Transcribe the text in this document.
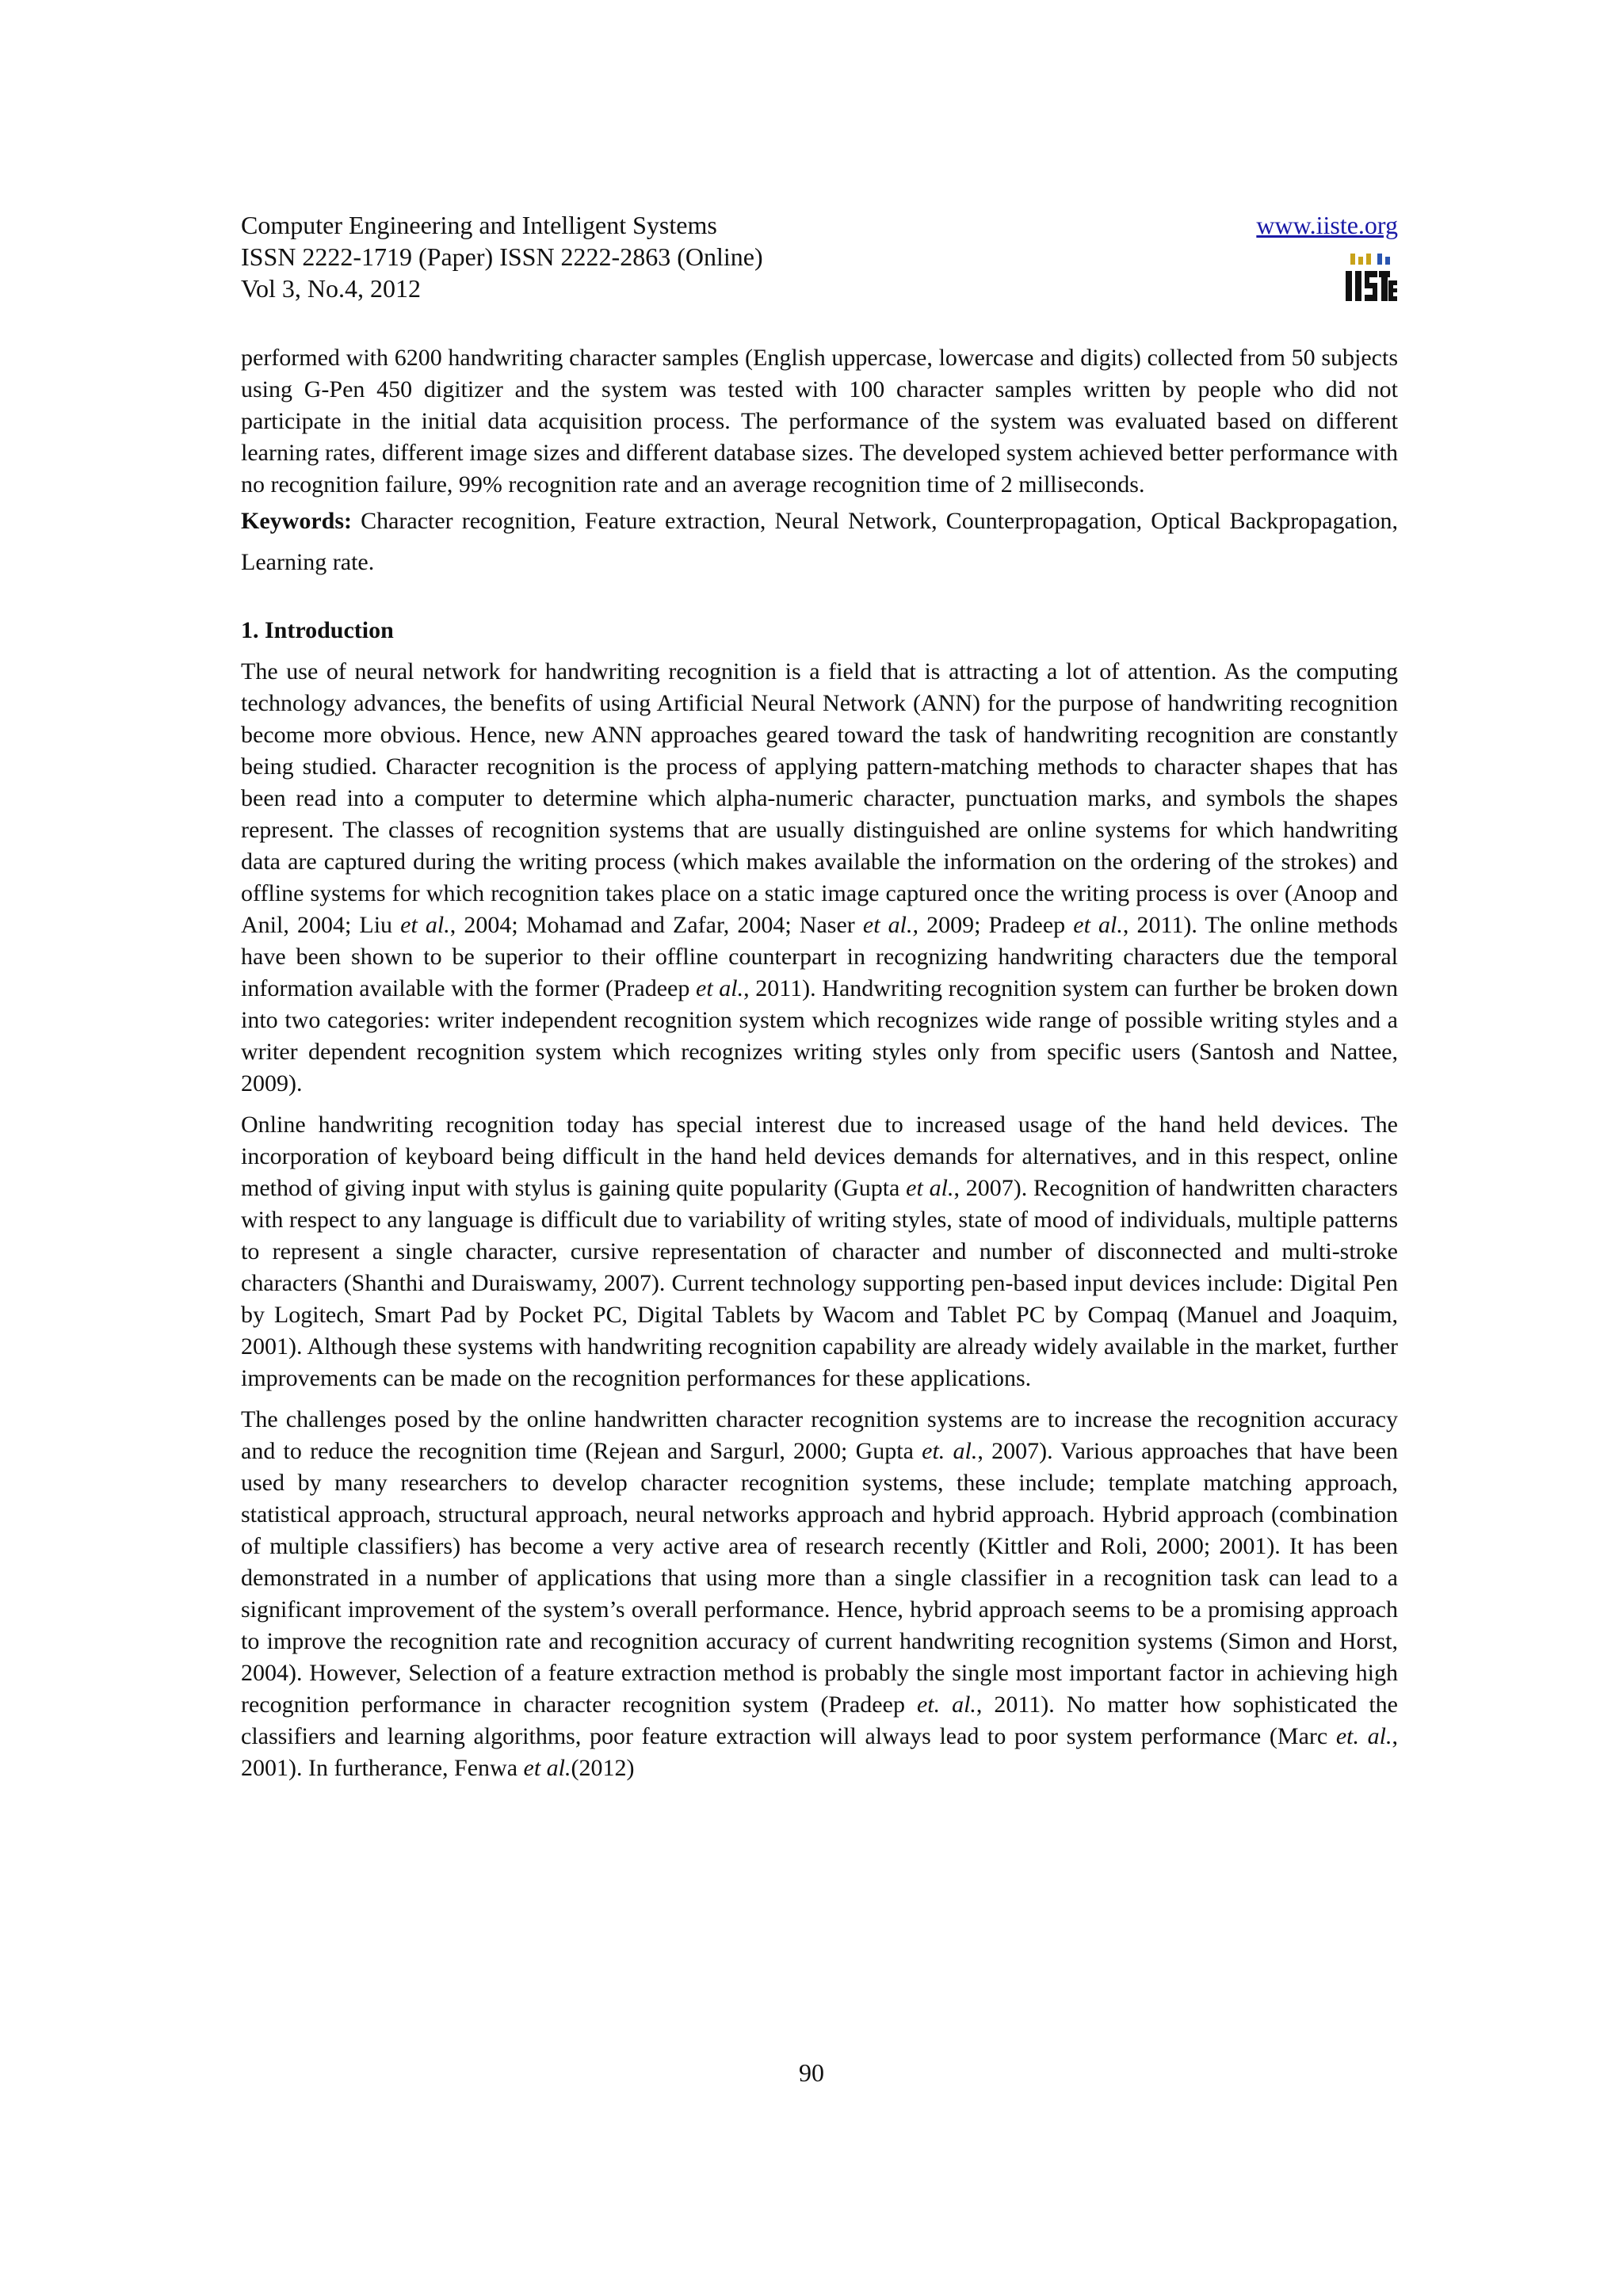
Computer Engineering and Intelligent Systems
ISSN 2222-1719 (Paper) ISSN 2222-2863 (Online)
Vol 3, No.4, 2012
www.iiste.org

performed with 6200 handwriting character samples (English uppercase, lowercase and digits) collected from 50 subjects using G-Pen 450 digitizer and the system was tested with 100 character samples written by people who did not participate in the initial data acquisition process. The performance of the system was evaluated based on different learning rates, different image sizes and different database sizes. The developed system achieved better performance with no recognition failure, 99% recognition rate and an average recognition time of 2 milliseconds.

Keywords: Character recognition, Feature extraction, Neural Network, Counterpropagation, Optical Backpropagation, Learning rate.

1. Introduction

The use of neural network for handwriting recognition is a field that is attracting a lot of attention. As the computing technology advances, the benefits of using Artificial Neural Network (ANN) for the purpose of handwriting recognition become more obvious. Hence, new ANN approaches geared toward the task of handwriting recognition are constantly being studied. Character recognition is the process of applying pattern-matching methods to character shapes that has been read into a computer to determine which alpha-numeric character, punctuation marks, and symbols the shapes represent. The classes of recognition systems that are usually distinguished are online systems for which handwriting data are captured during the writing process (which makes available the information on the ordering of the strokes) and offline systems for which recognition takes place on a static image captured once the writing process is over (Anoop and Anil, 2004; Liu et al., 2004; Mohamad and Zafar, 2004; Naser et al., 2009; Pradeep et al., 2011). The online methods have been shown to be superior to their offline counterpart in recognizing handwriting characters due the temporal information available with the former (Pradeep et al., 2011). Handwriting recognition system can further be broken down into two categories: writer independent recognition system which recognizes wide range of possible writing styles and a writer dependent recognition system which recognizes writing styles only from specific users (Santosh and Nattee, 2009).

Online handwriting recognition today has special interest due to increased usage of the hand held devices. The incorporation of keyboard being difficult in the hand held devices demands for alternatives, and in this respect, online method of giving input with stylus is gaining quite popularity (Gupta et al., 2007). Recognition of handwritten characters with respect to any language is difficult due to variability of writing styles, state of mood of individuals, multiple patterns to represent a single character, cursive representation of character and number of disconnected and multi-stroke characters (Shanthi and Duraiswamy, 2007). Current technology supporting pen-based input devices include: Digital Pen by Logitech, Smart Pad by Pocket PC, Digital Tablets by Wacom and Tablet PC by Compaq (Manuel and Joaquim, 2001). Although these systems with handwriting recognition capability are already widely available in the market, further improvements can be made on the recognition performances for these applications.

The challenges posed by the online handwritten character recognition systems are to increase the recognition accuracy and to reduce the recognition time (Rejean and Sargurl, 2000; Gupta et. al., 2007). Various approaches that have been used by many researchers to develop character recognition systems, these include; template matching approach, statistical approach, structural approach, neural networks approach and hybrid approach. Hybrid approach (combination of multiple classifiers) has become a very active area of research recently (Kittler and Roli, 2000; 2001). It has been demonstrated in a number of applications that using more than a single classifier in a recognition task can lead to a significant improvement of the system’s overall performance. Hence, hybrid approach seems to be a promising approach to improve the recognition rate and recognition accuracy of current handwriting recognition systems (Simon and Horst, 2004). However, Selection of a feature extraction method is probably the single most important factor in achieving high recognition performance in character recognition system (Pradeep et. al., 2011). No matter how sophisticated the classifiers and learning algorithms, poor feature extraction will always lead to poor system performance (Marc et. al., 2001). In furtherance, Fenwa et al.(2012)

90
